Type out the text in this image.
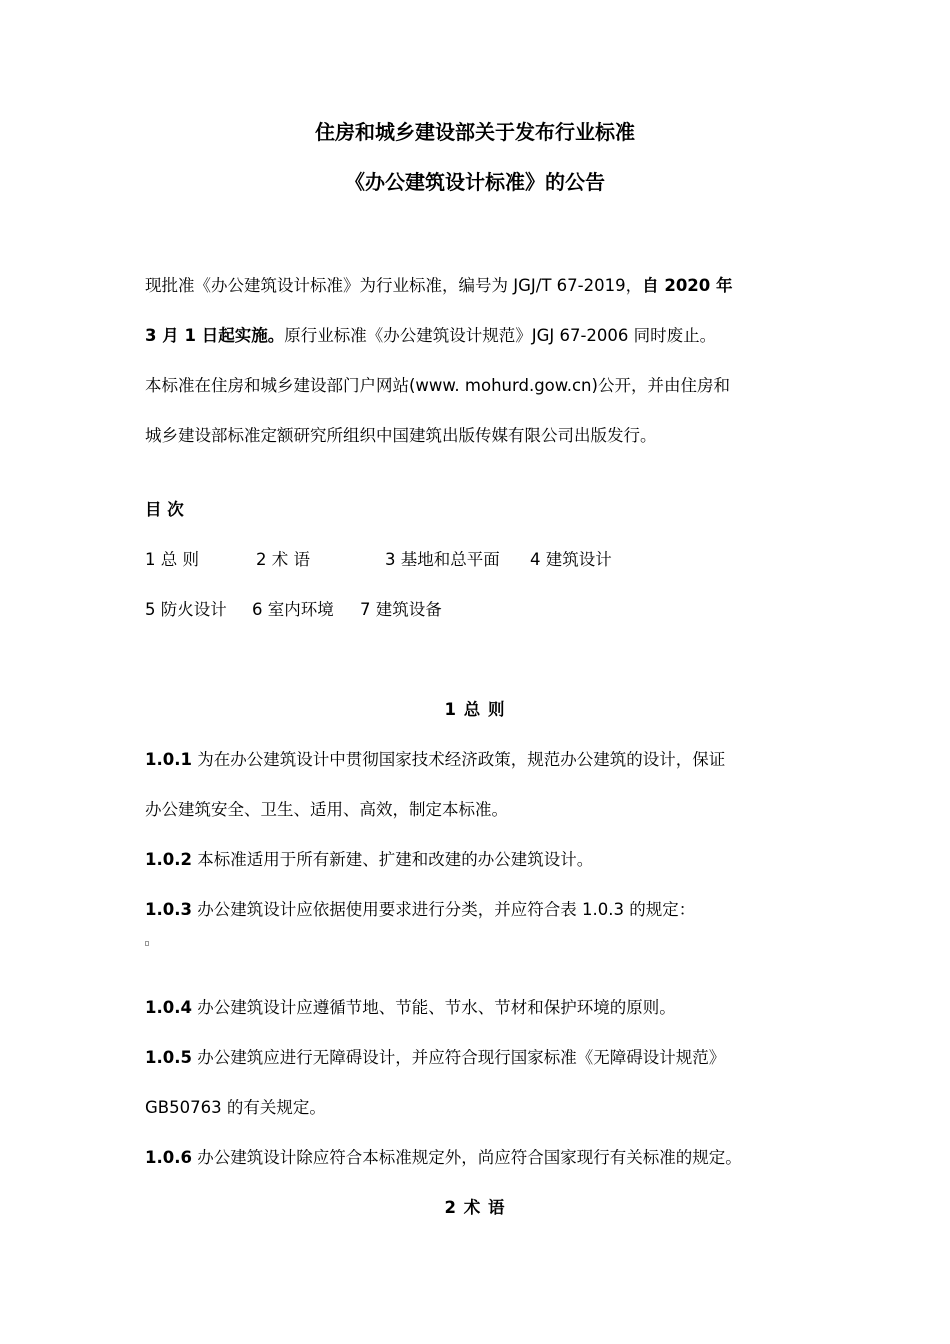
住房和城乡建设部关于发布行业标准
《办公建筑设计标准》的公告
现批准《办公建筑设计标准》为行业标准，编号为 JGJ/T 67-2019，自 2020 年
3 月 1 日起实施。原行业标准《办公建筑设计规范》JGJ 67-2006 同时废止。
本标准在住房和城乡建设部门户网站(www. mohurd.gow.cn)公开，并由住房和
城乡建设部标准定额研究所组织中国建筑出版传媒有限公司出版发行。
目 次
1 总 则	2 术 语	3 基地和总平面 4 建筑设计
5 防火设计 6 室内环境 7 建筑设备
1 总 则
1.0.1 为在办公建筑设计中贯彻国家技术经济政策，规范办公建筑的设计，保证
办公建筑安全、卫生、适用、高效，制定本标准。
1.0.2 本标准适用于所有新建、扩建和改建的办公建筑设计。
1.0.3 办公建筑设计应依据使用要求进行分类，并应符合表 1.0.3 的规定：
1.0.4 办公建筑设计应遵循节地、节能、节水、节材和保护环境的原则。
1.0.5 办公建筑应进行无障碍设计，并应符合现行国家标准《无障碍设计规范》
GB50763 的有关规定。
1.0.6 办公建筑设计除应符合本标准规定外，尚应符合国家现行有关标准的规定。
2 术 语
